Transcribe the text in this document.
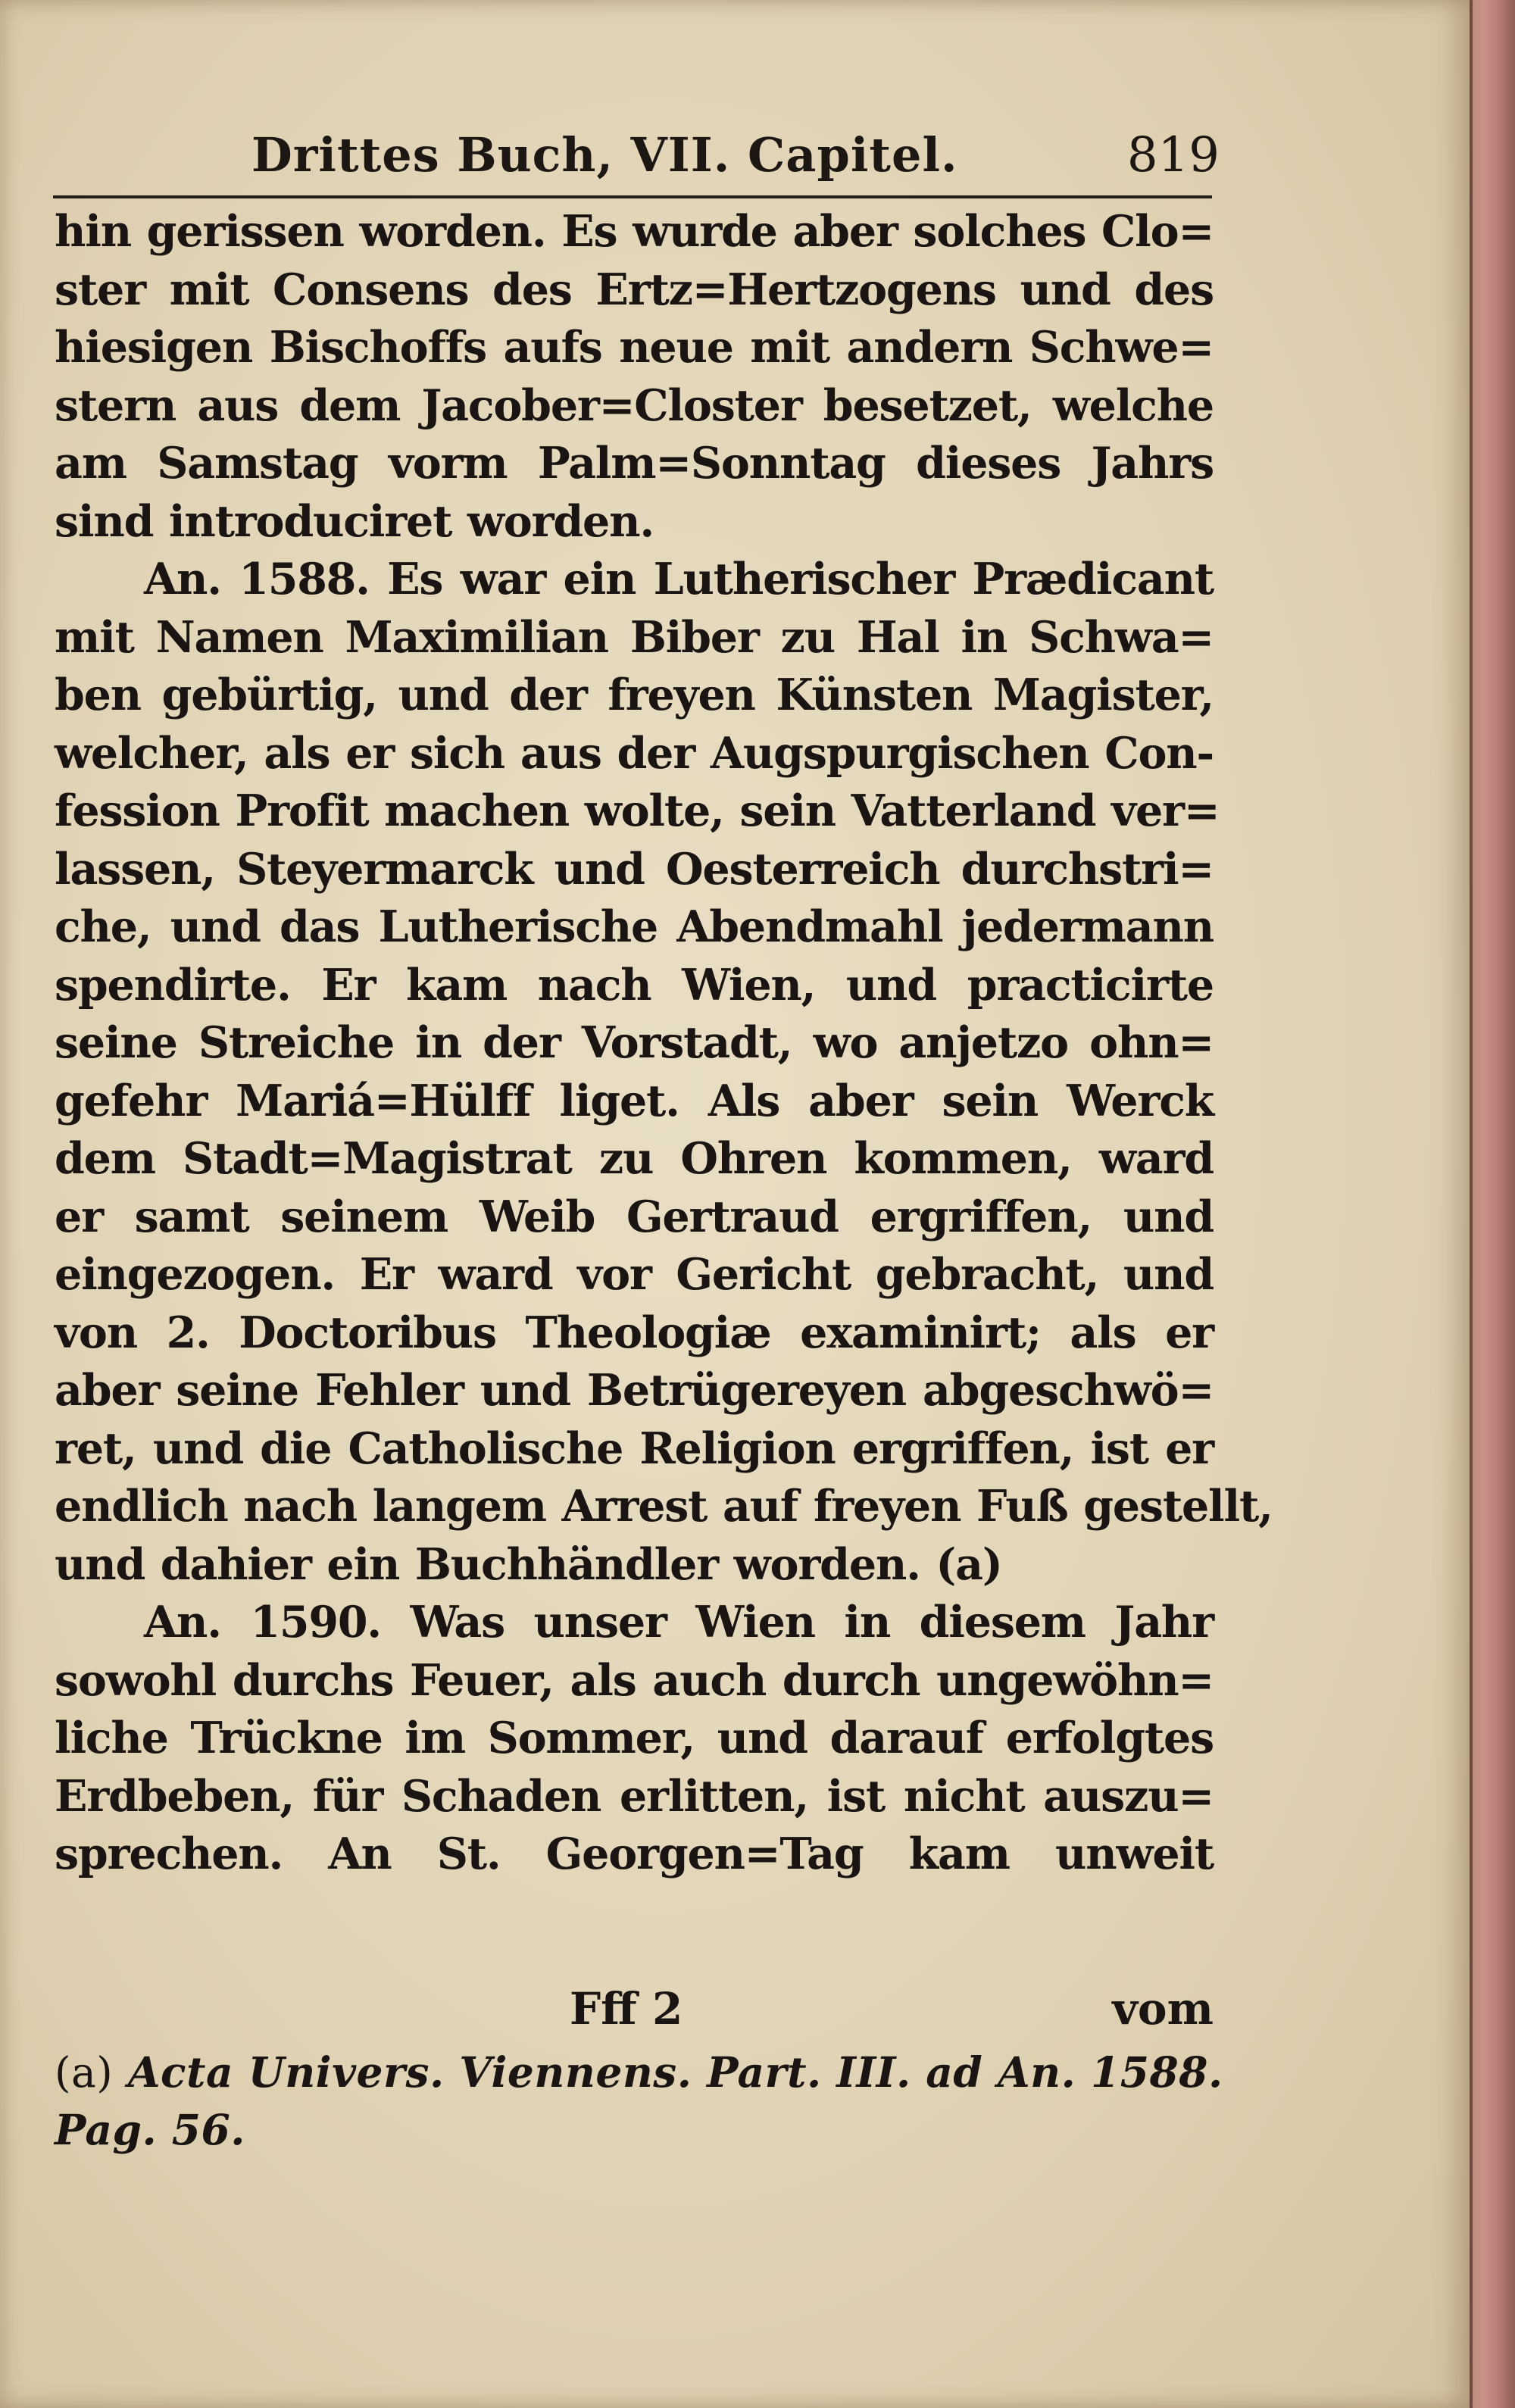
Drittes Buch, VII. Capitel.	819
hin gerissen worden. Es wurde aber solches Clo=
ster mit Consens des Ertz=Hertzogens und des
hiesigen Bischoffs aufs neue mit andern Schwe=
stern aus dem Jacober=Closter besetzet, welche
am Samstag vorm Palm=Sonntag dieses Jahrs
sind introduciret worden.
An. 1588. Es war ein Lutherischer Prædicant
mit Namen Maximilian Biber zu Hal in Schwa=
ben gebürtig, und der freyen Künsten Magister,
welcher, als er sich aus der Augspurgischen Con-
fession Profit machen wolte, sein Vatterland ver=
lassen, Steyermarck und Oesterreich durchstri=
che, und das Lutherische Abendmahl jedermann
spendirte. Er kam nach Wien, und practicirte
seine Streiche in der Vorstadt, wo anjetzo ohn=
gefehr Mariá=Hülff liget. Als aber sein Werck
dem Stadt=Magistrat zu Ohren kommen, ward
er samt seinem Weib Gertraud ergriffen, und
eingezogen. Er ward vor Gericht gebracht, und
von 2. Doctoribus Theologiæ examinirt; als er
aber seine Fehler und Betrügereyen abgeschwö=
ret, und die Catholische Religion ergriffen, ist er
endlich nach langem Arrest auf freyen Fuß gestellt,
und dahier ein Buchhändler worden. (a)
An. 1590. Was unser Wien in diesem Jahr
sowohl durchs Feuer, als auch durch ungewöhn=
liche Trückne im Sommer, und darauf erfolgtes
Erdbeben, für Schaden erlitten, ist nicht auszu=
sprechen. An St. Georgen=Tag kam unweit
Fff 2	vom
(a) Acta Univers. Viennens. Part. III. ad An. 1588.
Pag. 56.
